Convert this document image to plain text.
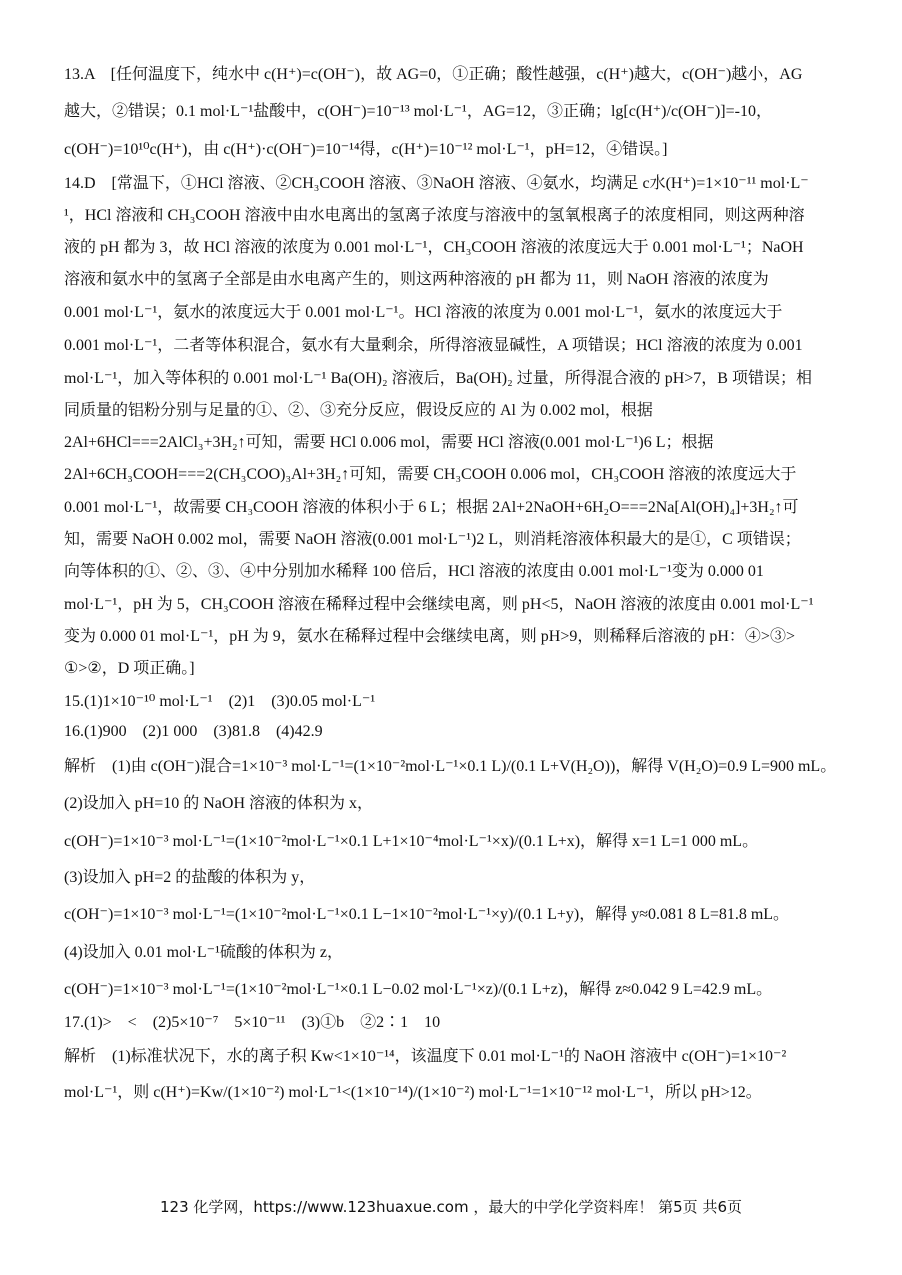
13.A　[任何温度下，纯水中 c(H⁺)=c(OH⁻)，故 AG=0，①正确；酸性越强，c(H⁺)越大，c(OH⁻)越小，AG
越大，②错误；0.1 mol·L⁻¹盐酸中，c(OH⁻)=10⁻¹³ mol·L⁻¹，AG=12，③正确；lg[c(H⁺)/c(OH⁻)]=-10，
c(OH⁻)=10¹⁰c(H⁺)，由 c(H⁺)·c(OH⁻)=10⁻¹⁴得，c(H⁺)=10⁻¹² mol·L⁻¹，pH=12，④错误。]
14.D　[常温下，①HCl 溶液、②CH₃COOH 溶液、③NaOH 溶液、④氨水，均满足 c水(H⁺)=1×10⁻¹¹ mol·L⁻
¹，HCl 溶液和 CH₃COOH 溶液中由水电离出的氢离子浓度与溶液中的氢氧根离子的浓度相同，则这两种溶
液的 pH 都为 3，故 HCl 溶液的浓度为 0.001 mol·L⁻¹，CH₃COOH 溶液的浓度远大于 0.001 mol·L⁻¹；NaOH
溶液和氨水中的氢离子全部是由水电离产生的，则这两种溶液的 pH 都为 11，则 NaOH 溶液的浓度为
0.001 mol·L⁻¹，氨水的浓度远大于 0.001 mol·L⁻¹。HCl 溶液的浓度为 0.001 mol·L⁻¹，氨水的浓度远大于
0.001 mol·L⁻¹，二者等体积混合，氨水有大量剩余，所得溶液显碱性，A 项错误；HCl 溶液的浓度为 0.001
mol·L⁻¹，加入等体积的 0.001 mol·L⁻¹ Ba(OH)₂ 溶液后，Ba(OH)₂ 过量，所得混合液的 pH>7，B 项错误；相
同质量的铝粉分别与足量的①、②、③充分反应，假设反应的 Al 为 0.002 mol，根据
2Al+6HCl===2AlCl₃+3H₂↑可知，需要 HCl 0.006 mol，需要 HCl 溶液(0.001 mol·L⁻¹)6 L；根据
2Al+6CH₃COOH===2(CH₃COO)₃Al+3H₂↑可知，需要 CH₃COOH 0.006 mol，CH₃COOH 溶液的浓度远大于
0.001 mol·L⁻¹，故需要 CH₃COOH 溶液的体积小于 6 L；根据 2Al+2NaOH+6H₂O===2Na[Al(OH)₄]+3H₂↑可
知，需要 NaOH 0.002 mol，需要 NaOH 溶液(0.001 mol·L⁻¹)2 L，则消耗溶液体积最大的是①，C 项错误；
向等体积的①、②、③、④中分别加水稀释 100 倍后，HCl 溶液的浓度由 0.001 mol·L⁻¹变为 0.000 01
mol·L⁻¹，pH 为 5，CH₃COOH 溶液在稀释过程中会继续电离，则 pH<5，NaOH 溶液的浓度由 0.001 mol·L⁻¹
变为 0.000 01 mol·L⁻¹，pH 为 9，氨水在稀释过程中会继续电离，则 pH>9，则稀释后溶液的 pH：④>③>
①>②，D 项正确。]
15.(1)1×10⁻¹⁰ mol·L⁻¹　(2)1　(3)0.05 mol·L⁻¹
16.(1)900　(2)1 000　(3)81.8　(4)42.9
解析　(1)由 c(OH⁻)混合=1×10⁻³ mol·L⁻¹=(1×10⁻²mol·L⁻¹×0.1 L)/(0.1 L+V(H₂O))，解得 V(H₂O)=0.9 L=900 mL。
(2)设加入 pH=10 的 NaOH 溶液的体积为 x，
c(OH⁻)=1×10⁻³ mol·L⁻¹=(1×10⁻²mol·L⁻¹×0.1 L+1×10⁻⁴mol·L⁻¹×x)/(0.1 L+x)，解得 x=1 L=1 000 mL。
(3)设加入 pH=2 的盐酸的体积为 y，
c(OH⁻)=1×10⁻³ mol·L⁻¹=(1×10⁻²mol·L⁻¹×0.1 L−1×10⁻²mol·L⁻¹×y)/(0.1 L+y)，解得 y≈0.081 8 L=81.8 mL。
(4)设加入 0.01 mol·L⁻¹硫酸的体积为 z，
c(OH⁻)=1×10⁻³ mol·L⁻¹=(1×10⁻²mol·L⁻¹×0.1 L−0.02 mol·L⁻¹×z)/(0.1 L+z)，解得 z≈0.042 9 L=42.9 mL。
17.(1)>　<　(2)5×10⁻⁷　5×10⁻¹¹　(3)①b　②2∶1　10
解析　(1)标准状况下，水的离子积 Kw<1×10⁻¹⁴，该温度下 0.01 mol·L⁻¹的 NaOH 溶液中 c(OH⁻)=1×10⁻²
mol·L⁻¹，则 c(H⁺)=Kw/(1×10⁻²) mol·L⁻¹<(1×10⁻¹⁴)/(1×10⁻²) mol·L⁻¹=1×10⁻¹² mol·L⁻¹，所以 pH>12。
123 化学网，https://www.123huaxue.com ，最大的中学化学资料库！ 第5页 共6页
